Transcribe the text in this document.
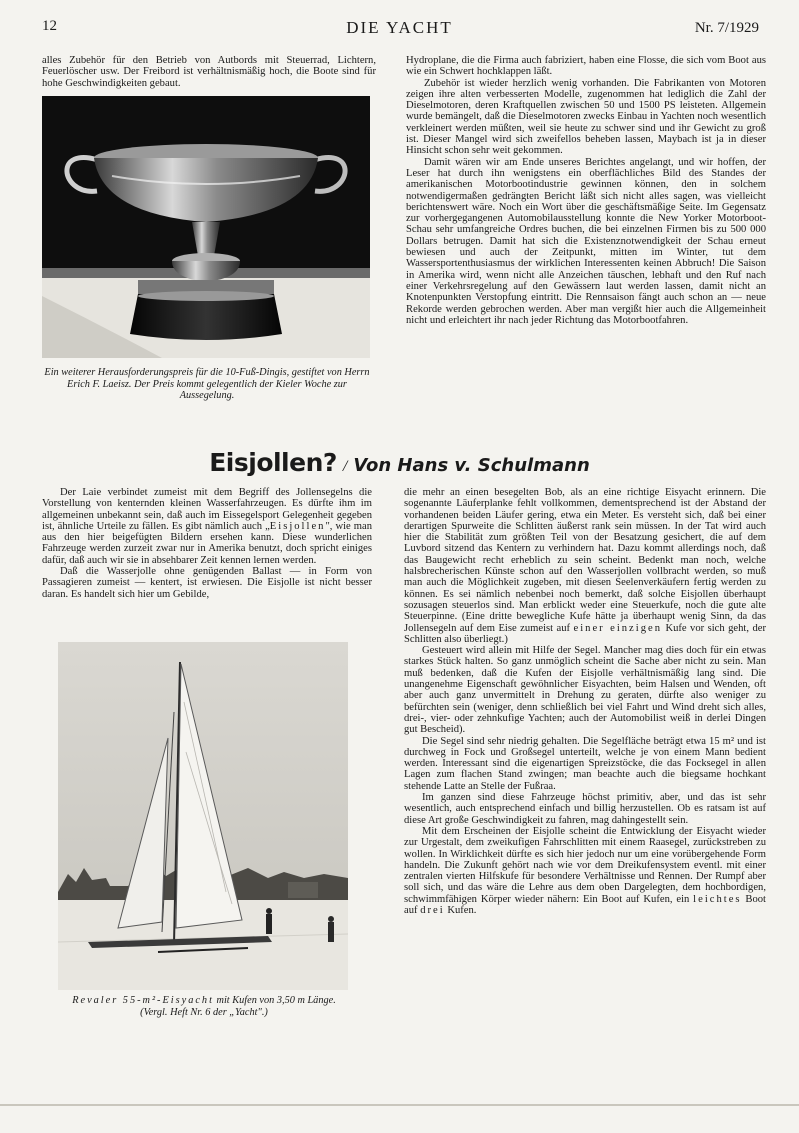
12	DIE YACHT	Nr. 7/1929

alles Zubehör für den Betrieb von Autbords mit Steuerrad, Lichtern, Feuerlöscher usw. Der Freibord ist verhältnismäßig hoch, die Boote sind für hohe Geschwindigkeiten gebaut.

Ein weiterer Herausforderungspreis für die 10-Fuß-Dingis, gestiftet von Herrn Erich F. Laeisz. Der Preis kommt gelegentlich der Kieler Woche zur Aussegelung.

Hydroplane, die die Firma auch fabriziert, haben eine Flosse, die sich vom Boot aus wie ein Schwert hochklappen läßt.

Zubehör ist wieder herzlich wenig vorhanden. Die Fabrikanten von Motoren zeigen ihre alten verbesserten Modelle, zugenommen hat lediglich die Zahl der Dieselmotoren, deren Kraftquellen zwischen 50 und 1500 PS leisteten. Allgemein wurde bemängelt, daß die Dieselmotoren zwecks Einbau in Yachten noch wesentlich verkleinert werden müßten, weil sie heute zu schwer sind und ihr Gewicht zu groß ist. Dieser Mangel wird sich zweifellos beheben lassen, Maybach ist ja in dieser Hinsicht schon sehr weit gekommen.

Damit wären wir am Ende unseres Berichtes angelangt, und wir hoffen, der Leser hat durch ihn wenigstens ein oberflächliches Bild des Standes der amerikanischen Motorbootindustrie gewinnen können, den in solchem notwendigermaßen gedrängten Bericht läßt sich nicht alles sagen, was vielleicht berichtenswert wäre. Noch ein Wort über die geschäftsmäßige Seite. Im Gegensatz zur vorhergegangenen Automobilausstellung konnte die New Yorker Motorboot-Schau sehr umfangreiche Ordres buchen, die bei einzelnen Firmen bis zu 500 000 Dollars betrugen. Damit hat sich die Existenznotwendigkeit der Schau erneut bewiesen und auch der Zeitpunkt, mitten im Winter, tut dem Wassersportenthusiasmus der wirklichen Interessenten keinen Abbruch! Die Saison in Amerika wird, wenn nicht alle Anzeichen täuschen, lebhaft und den Ruf nach einer Verkehrsregelung auf den Gewässern laut werden lassen, damit nicht an Knotenpunkten Verstopfung eintritt. Die Rennsaison fängt auch schon an — neue Rekorde werden gebrochen werden. Aber man vergißt hier auch die Allgemeinheit nicht und erleichtert ihr nach jeder Richtung das Motorbootfahren.

Eisjollen? / Von Hans v. Schulmann

Der Laie verbindet zumeist mit dem Begriff des Jollensegelns die Vorstellung von kenternden kleinen Wasserfahrzeugen. Es dürfte ihm im allgemeinen unbekannt sein, daß auch im Eissegelsport Gelegenheit gegeben ist, ähnliche Urteile zu fällen. Es gibt nämlich auch „Eisjollen", wie man aus den hier beigefügten Bildern ersehen kann. Diese wunderlichen Fahrzeuge werden zurzeit zwar nur in Amerika benutzt, doch spricht einiges dafür, daß auch wir sie in absehbarer Zeit kennen lernen werden.

Daß die Wasserjolle ohne genügenden Ballast — in Form von Passagieren zumeist — kentert, ist erwiesen. Die Eisjolle ist nicht besser daran. Es handelt sich hier um Gebilde,

Revaler 55-m²-Eisyacht mit Kufen von 3,50 m Länge.
(Vergl. Heft Nr. 6 der „Yacht".)

die mehr an einen besegelten Bob, als an eine richtige Eisyacht erinnern. Die sogenannte Läuferplanke fehlt vollkommen, dementsprechend ist der Abstand der vorhandenen beiden Läufer gering, etwa ein Meter. Es versteht sich, daß bei einer derartigen Spurweite die Schlitten äußerst rank sein müssen. In der Tat wird auch hier die Stabilität zum größten Teil von der Besatzung gesichert, die auf dem Luvbord sitzend das Kentern zu verhindern hat. Dazu kommt allerdings noch, daß das Baugewicht recht erheblich zu sein scheint. Bedenkt man noch, welche halsbrecherischen Künste schon auf den Wasserjollen vollbracht werden, so muß man auch die Möglichkeit zugeben, mit diesen Seelenverkäufern fertig werden zu können. Es sei nämlich nebenbei noch bemerkt, daß solche Eisjollen überhaupt sozusagen steuerlos sind. Man erblickt weder eine Steuerkufe, noch die gute alte Steuerpinne. (Eine dritte bewegliche Kufe hätte ja überhaupt wenig Sinn, da das Jollensegeln auf dem Eise zumeist auf einer einzigen Kufe vor sich geht, der Schlitten also überliegt.)

Gesteuert wird allein mit Hilfe der Segel. Mancher mag dies doch für ein etwas starkes Stück halten. So ganz unmöglich scheint die Sache aber nicht zu sein. Man muß bedenken, daß die Kufen der Eisjolle verhältnismäßig lang sind. Die unangenehme Eigenschaft gewöhnlicher Eisyachten, beim Halsen und Wenden, oft aber auch ganz unvermittelt in Drehung zu geraten, dürfte also weniger zu befürchten sein (weniger, denn schließlich bei viel Fahrt und Wind dreht sich alles, drei-, vier- oder zehnkufige Yachten; auch der Automobilist weiß in derlei Dingen gut Bescheid).

Die Segel sind sehr niedrig gehalten. Die Segelfläche beträgt etwa 15 m² und ist durchweg in Fock und Großsegel unterteilt, welche je von einem Mann bedient werden. Interessant sind die eigenartigen Spreizstöcke, die das Focksegel in allen Lagen zum flachen Stand zwingen; man beachte auch die biegsame hochkant stehende Latte an Stelle der Fußraa.

Im ganzen sind diese Fahrzeuge höchst primitiv, aber, und das ist sehr wesentlich, auch entsprechend einfach und billig herzustellen. Ob es ratsam ist auf diese Art große Geschwindigkeit zu fahren, mag dahingestellt sein.

Mit dem Erscheinen der Eisjolle scheint die Entwicklung der Eisyacht wieder zur Urgestalt, dem zweikufigen Fahrschlitten mit einem Raasegel, zurückstreben zu wollen. In Wirklichkeit dürfte es sich hier jedoch nur um eine vorübergehende Form handeln. Die Zukunft gehört nach wie vor dem Dreikufensystem eventl. mit einer zentralen vierten Hilfskufe für besondere Verhältnisse und Rennen. Der Rumpf aber soll sich, und das wäre die Lehre aus dem oben Dargelegten, dem hochbordigen, schwimmfähigen Körper wieder nähern: Ein Boot auf Kufen, ein leichtes Boot auf drei Kufen.
